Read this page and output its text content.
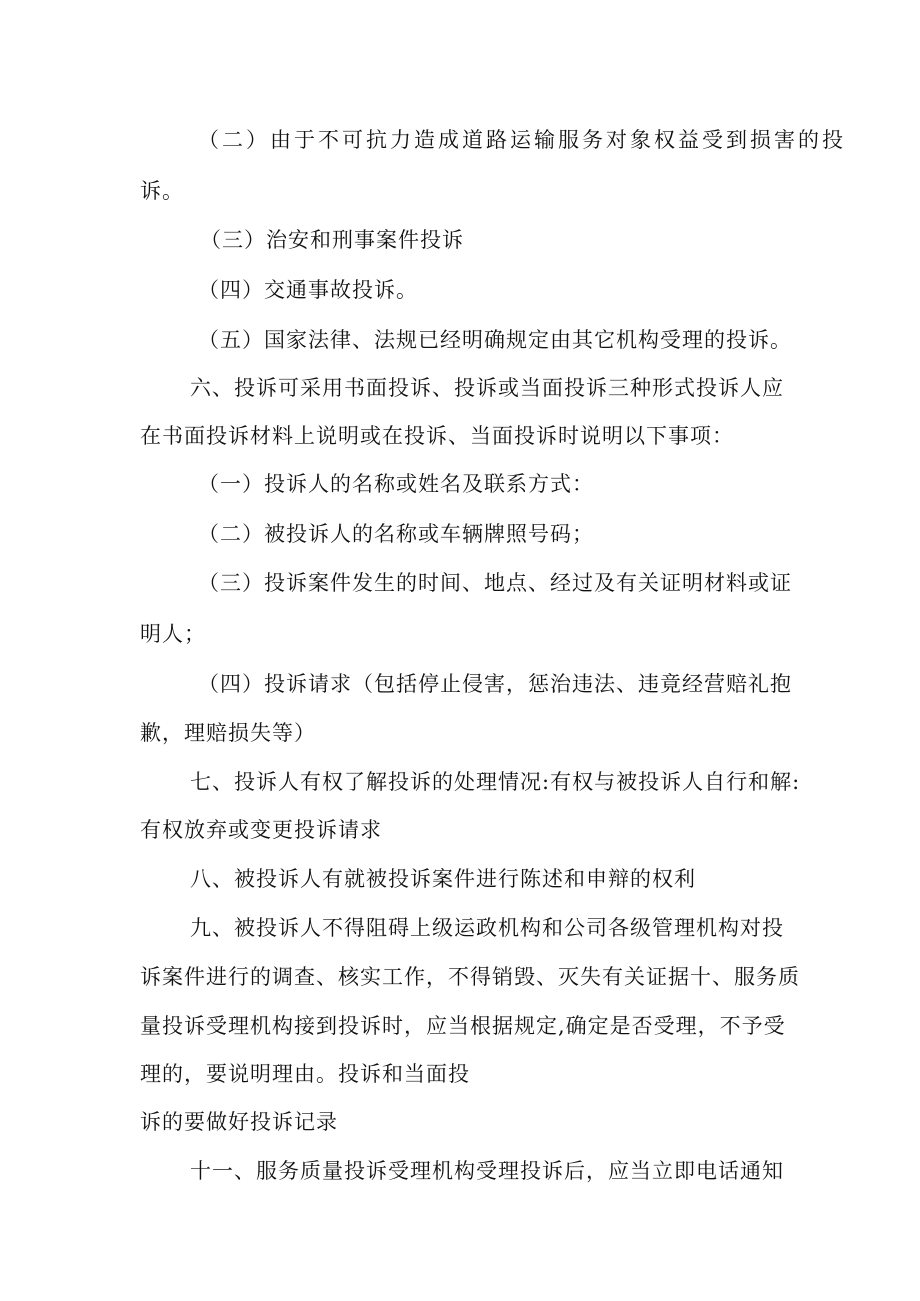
（二）由于不可抗力造成道路运输服务对象权益受到损害的投
诉。
（三）治安和刑事案件投诉
（四）交通事故投诉。
（五）国家法律、法规已经明确规定由其它机构受理的投诉。
六、投诉可采用书面投诉、投诉或当面投诉三种形式投诉人应
在书面投诉材料上说明或在投诉、当面投诉时说明以下事项：
（一）投诉人的名称或姓名及联系方式：
（二）被投诉人的名称或车辆牌照号码；
（三）投诉案件发生的时间、地点、经过及有关证明材料或证
明人；
（四）投诉请求（包括停止侵害，惩治违法、违竟经营赔礼抱
歉，理赔损失等）
七、投诉人有权了解投诉的处理情况:有权与被投诉人自行和解:
有权放弃或变更投诉请求
八、被投诉人有就被投诉案件进行陈述和申辩的权利
九、被投诉人不得阻碍上级运政机构和公司各级管理机构对投
诉案件进行的调查、核实工作，不得销毁、灭失有关证据十、服务质
量投诉受理机构接到投诉时，应当根据规定,确定是否受理，不予受
理的，要说明理由。投诉和当面投
诉的要做好投诉记录
十一、服务质量投诉受理机构受理投诉后，应当立即电话通知
